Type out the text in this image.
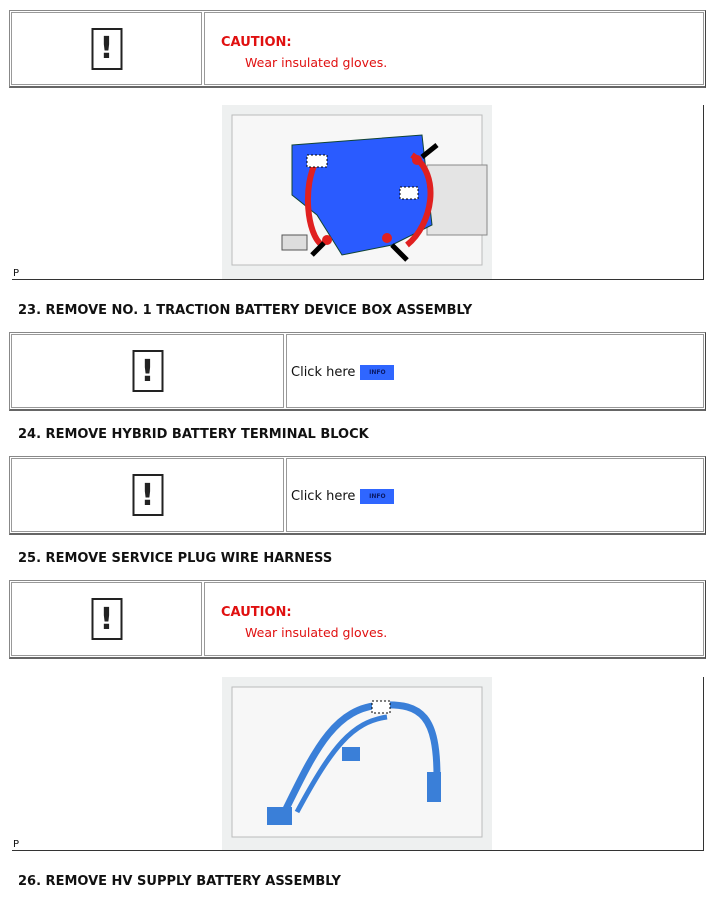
!	CAUTION:
Wear insulated gloves.
P
23. REMOVE NO. 1 TRACTION BATTERY DEVICE BOX ASSEMBLY
!	Click here	INFO
24. REMOVE HYBRID BATTERY TERMINAL BLOCK
!	Click here	INFO
25. REMOVE SERVICE PLUG WIRE HARNESS
!	CAUTION:
Wear insulated gloves.
P
26. REMOVE HV SUPPLY BATTERY ASSEMBLY
